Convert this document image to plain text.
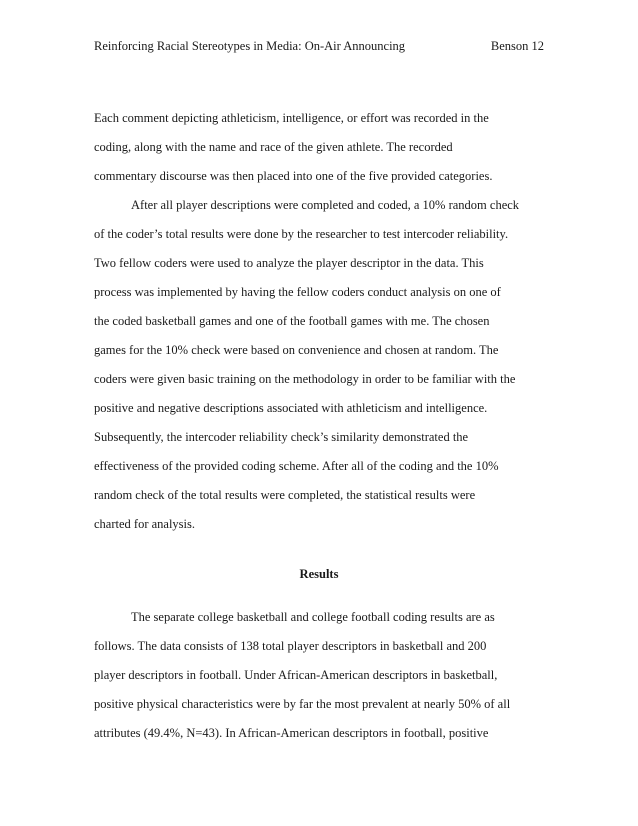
Reinforcing Racial Stereotypes in Media: On-Air Announcing	Benson 12
Each comment depicting athleticism, intelligence, or effort was recorded in the
coding, along with the name and race of the given athlete. The recorded
commentary discourse was then placed into one of the five provided categories.
After all player descriptions were completed and coded, a 10% random check
of the coder’s total results were done by the researcher to test intercoder reliability.
Two fellow coders were used to analyze the player descriptor in the data. This
process was implemented by having the fellow coders conduct analysis on one of
the coded basketball games and one of the football games with me. The chosen
games for the 10% check were based on convenience and chosen at random. The
coders were given basic training on the methodology in order to be familiar with the
positive and negative descriptions associated with athleticism and intelligence.
Subsequently, the intercoder reliability check’s similarity demonstrated the
effectiveness of the provided coding scheme. After all of the coding and the 10%
random check of the total results were completed, the statistical results were
charted for analysis.
Results
The separate college basketball and college football coding results are as
follows. The data consists of 138 total player descriptors in basketball and 200
player descriptors in football. Under African-American descriptors in basketball,
positive physical characteristics were by far the most prevalent at nearly 50% of all
attributes (49.4%, N=43). In African-American descriptors in football, positive
